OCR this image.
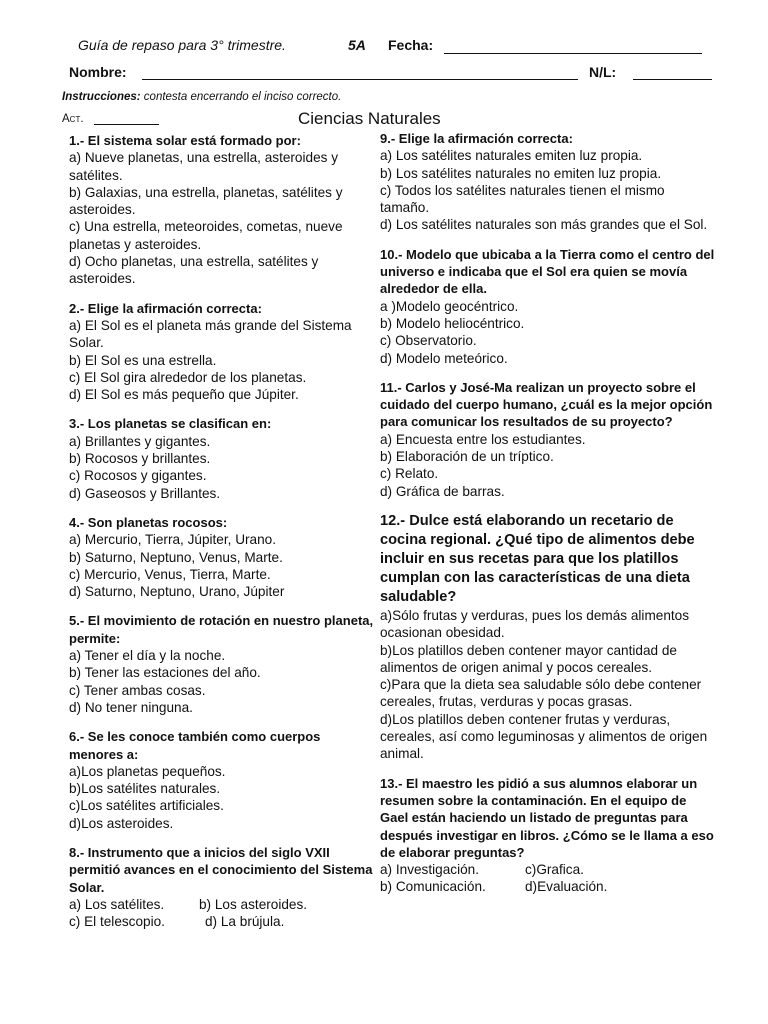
Guía de repaso para 3° trimestre.	5A Fecha:
Nombre:	N/L:
Instrucciones: contesta encerrando el inciso correcto.
Act.	Ciencias Naturales
1.- El sistema solar está formado por:
a) Nueve planetas, una estrella, asteroides y satélites.
b) Galaxias, una estrella, planetas, satélites y asteroides.
c) Una estrella, meteoroides, cometas, nueve planetas y asteroides.
d) Ocho planetas, una estrella, satélites y asteroides.
2.- Elige la afirmación correcta:
a) El Sol es el planeta más grande del Sistema Solar.
b) El Sol es una estrella.
c) El Sol gira alrededor de los planetas.
d) El Sol es más pequeño que Júpiter.
3.- Los planetas se clasifican en:
a) Brillantes y gigantes.
b) Rocosos y brillantes.
c) Rocosos y gigantes.
d) Gaseosos y Brillantes.
4.- Son planetas rocosos:
a) Mercurio, Tierra, Júpiter, Urano.
b) Saturno, Neptuno, Venus, Marte.
c) Mercurio, Venus, Tierra, Marte.
d) Saturno, Neptuno, Urano, Júpiter
5.- El movimiento de rotación en nuestro planeta, permite:
a) Tener el día y la noche.
b) Tener las estaciones del año.
c) Tener ambas cosas.
d) No tener ninguna.
6.- Se les conoce también como cuerpos menores a:
a)Los planetas pequeños.
b)Los satélites naturales.
c)Los satélites artificiales.
d)Los asteroides.
8.- Instrumento que a inicios del siglo VXII permitió avances en el conocimiento del Sistema Solar.
a) Los satélites.	b) Los asteroides.
c) El telescopio.	d) La brújula.
9.- Elige la afirmación correcta:
a) Los satélites naturales emiten luz propia.
b) Los satélites naturales no emiten luz propia.
c) Todos los satélites naturales tienen el mismo tamaño.
d) Los satélites naturales son más grandes que el Sol.
10.- Modelo que ubicaba a la Tierra como el centro del universo e indicaba que el Sol era quien se movía alrededor de ella.
a )Modelo geocéntrico.
b) Modelo heliocéntrico.
c) Observatorio.
d) Modelo meteórico.
11.- Carlos y José-Ma realizan un proyecto sobre el cuidado del cuerpo humano, ¿cuál es la mejor opción para comunicar los resultados de su proyecto?
a) Encuesta entre los estudiantes.
b) Elaboración de un tríptico.
c) Relato.
d) Gráfica de barras.
12.- Dulce está elaborando un recetario de cocina regional. ¿Qué tipo de alimentos debe incluir en sus recetas para que los platillos cumplan con las características de una dieta saludable?
a)Sólo frutas y verduras, pues los demás alimentos ocasionan obesidad.
b)Los platillos deben contener mayor cantidad de alimentos de origen animal y pocos cereales.
c)Para que la dieta sea saludable sólo debe contener cereales, frutas, verduras y pocas grasas.
d)Los platillos deben contener frutas y verduras, cereales, así como leguminosas y alimentos de origen animal.
13.- El maestro les pidió a sus alumnos elaborar un resumen sobre la contaminación. En el equipo de Gael están haciendo un listado de preguntas para después investigar en libros. ¿Cómo se le llama a eso de elaborar preguntas?
a) Investigación.	c)Grafica.
b) Comunicación.	d)Evaluación.
